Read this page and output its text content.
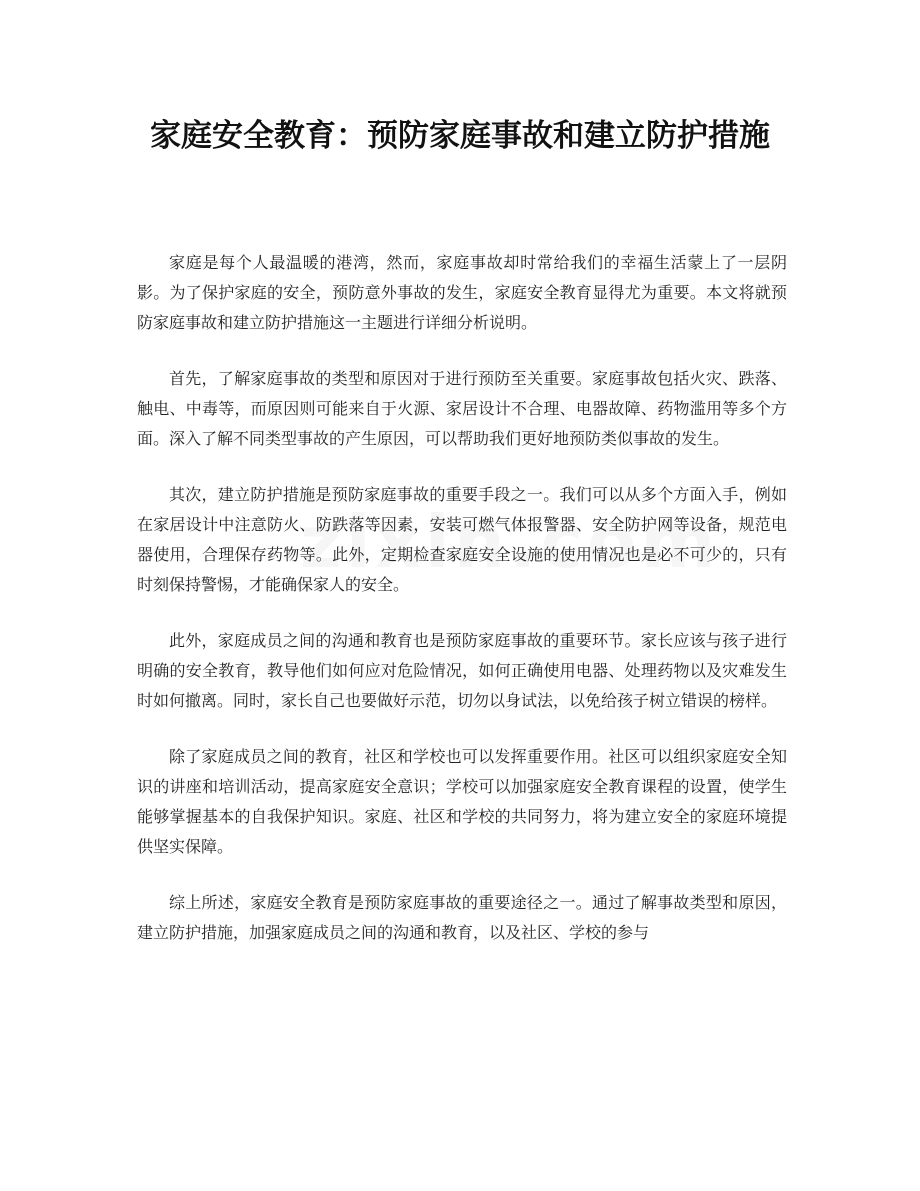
家庭安全教育：预防家庭事故和建立防护措施

家庭是每个人最温暖的港湾，然而，家庭事故却时常给我们的幸福生活蒙上了一层阴影。为了保护家庭的安全，预防意外事故的发生，家庭安全教育显得尤为重要。本文将就预防家庭事故和建立防护措施这一主题进行详细分析说明。

首先，了解家庭事故的类型和原因对于进行预防至关重要。家庭事故包括火灾、跌落、触电、中毒等，而原因则可能来自于火源、家居设计不合理、电器故障、药物滥用等多个方面。深入了解不同类型事故的产生原因，可以帮助我们更好地预防类似事故的发生。

其次，建立防护措施是预防家庭事故的重要手段之一。我们可以从多个方面入手，例如在家居设计中注意防火、防跌落等因素，安装可燃气体报警器、安全防护网等设备，规范电器使用，合理保存药物等。此外，定期检查家庭安全设施的使用情况也是必不可少的，只有时刻保持警惕，才能确保家人的安全。

此外，家庭成员之间的沟通和教育也是预防家庭事故的重要环节。家长应该与孩子进行明确的安全教育，教导他们如何应对危险情况，如何正确使用电器、处理药物以及灾难发生时如何撤离。同时，家长自己也要做好示范，切勿以身试法，以免给孩子树立错误的榜样。

除了家庭成员之间的教育，社区和学校也可以发挥重要作用。社区可以组织家庭安全知识的讲座和培训活动，提高家庭安全意识；学校可以加强家庭安全教育课程的设置，使学生能够掌握基本的自我保护知识。家庭、社区和学校的共同努力，将为建立安全的家庭环境提供坚实保障。

综上所述，家庭安全教育是预防家庭事故的重要途径之一。通过了解事故类型和原因，建立防护措施，加强家庭成员之间的沟通和教育，以及社区、学校的参与
